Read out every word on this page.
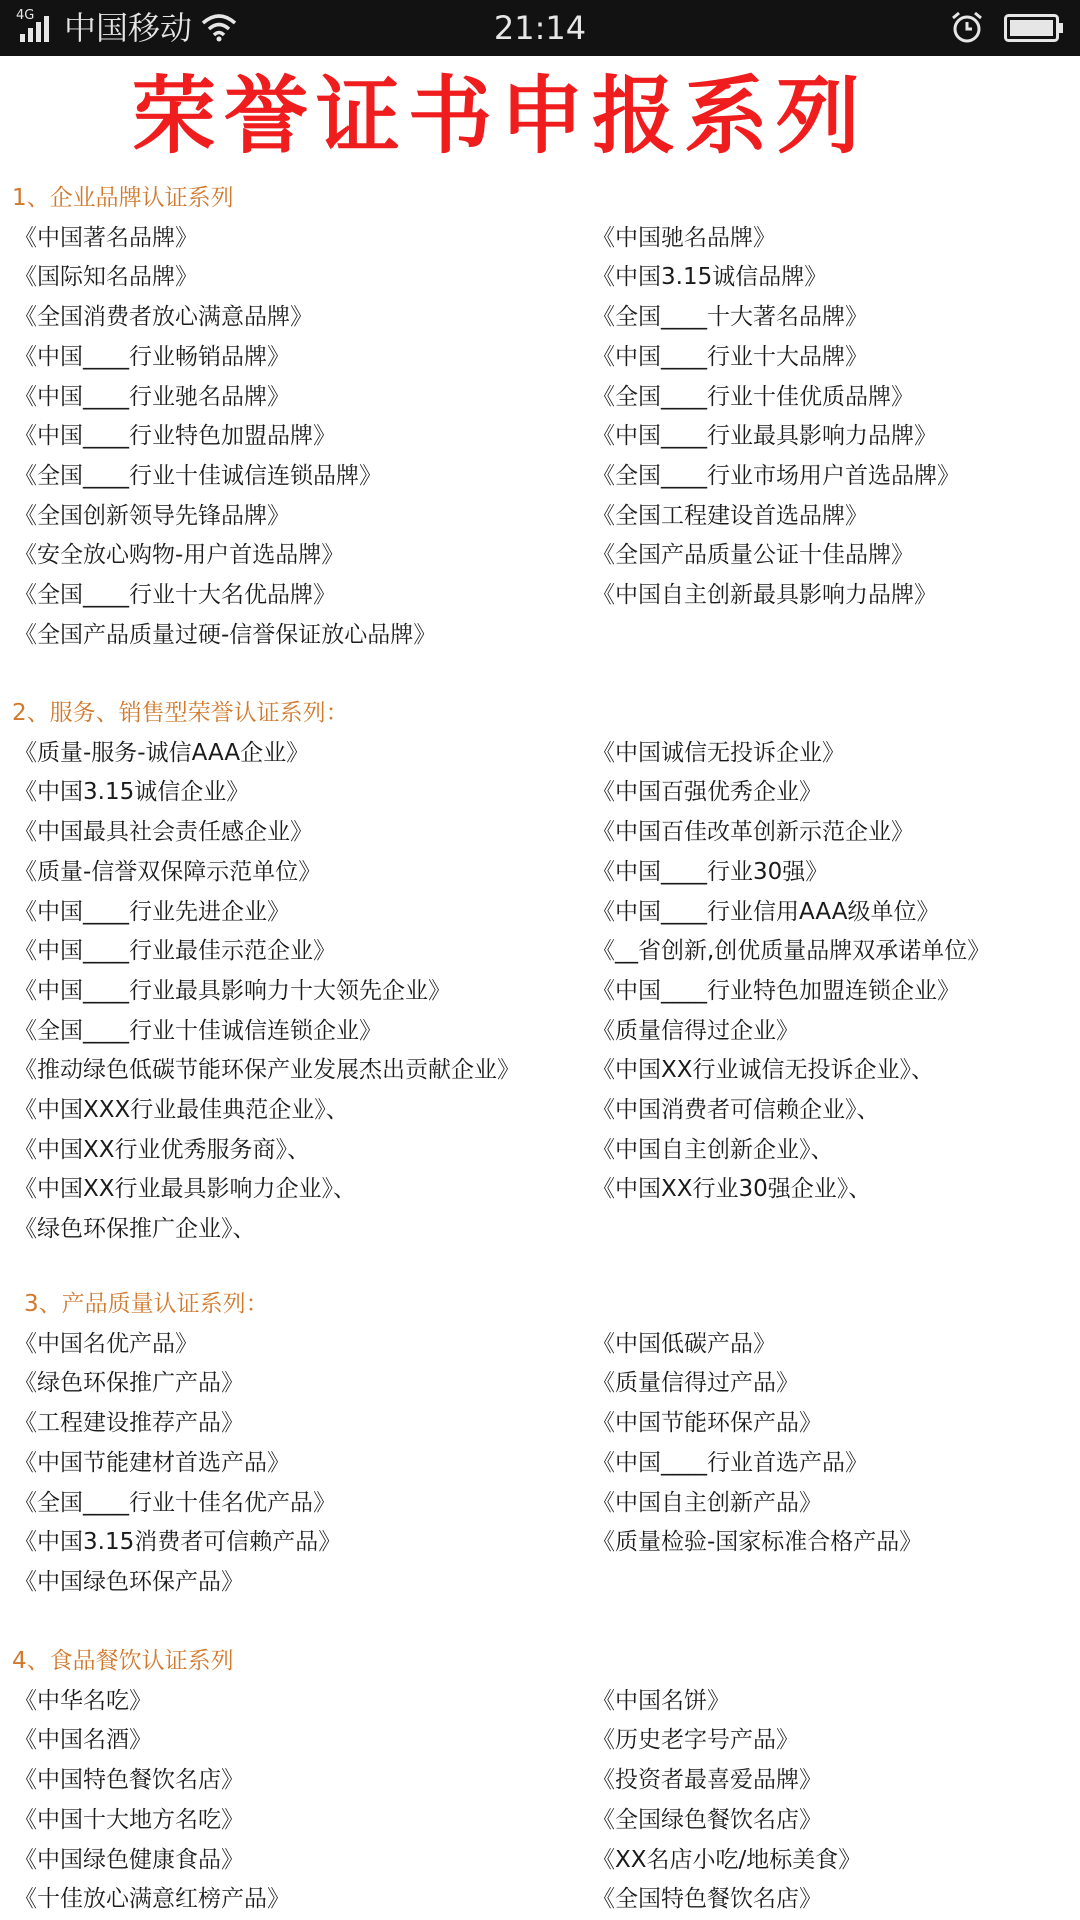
4G 中国移动	21:14
荣誉证书申报系列
1、企业品牌认证系列
《中国著名品牌》
《国际知名品牌》
《全国消费者放心满意品牌》
《中国____行业畅销品牌》
《中国____行业驰名品牌》
《中国____行业特色加盟品牌》
《全国____行业十佳诚信连锁品牌》
《全国创新领导先锋品牌》
《安全放心购物-用户首选品牌》
《全国____行业十大名优品牌》
《全国产品质量过硬-信誉保证放心品牌》
《中国驰名品牌》
《中国3.15诚信品牌》
《全国____十大著名品牌》
《中国____行业十大品牌》
《全国____行业十佳优质品牌》
《中国____行业最具影响力品牌》
《全国____行业市场用户首选品牌》
《全国工程建设首选品牌》
《全国产品质量公证十佳品牌》
《中国自主创新最具影响力品牌》
2、服务、销售型荣誉认证系列：
《质量-服务-诚信AAA企业》
《中国3.15诚信企业》
《中国最具社会责任感企业》
《质量-信誉双保障示范单位》
《中国____行业先进企业》
《中国____行业最佳示范企业》
《中国____行业最具影响力十大领先企业》
《全国____行业十佳诚信连锁企业》
《推动绿色低碳节能环保产业发展杰出贡献企业》
《中国XXX行业最佳典范企业》、
《中国XX行业优秀服务商》、
《中国XX行业最具影响力企业》、
《绿色环保推广企业》、
《中国诚信无投诉企业》
《中国百强优秀企业》
《中国百佳改革创新示范企业》
《中国____行业30强》
《中国____行业信用AAA级单位》
《__省创新,创优质量品牌双承诺单位》
《中国____行业特色加盟连锁企业》
《质量信得过企业》
《中国XX行业诚信无投诉企业》、
《中国消费者可信赖企业》、
《中国自主创新企业》、
《中国XX行业30强企业》、
3、产品质量认证系列：
《中国名优产品》
《绿色环保推广产品》
《工程建设推荐产品》
《中国节能建材首选产品》
《全国____行业十佳名优产品》
《中国3.15消费者可信赖产品》
《中国绿色环保产品》
《中国低碳产品》
《质量信得过产品》
《中国节能环保产品》
《中国____行业首选产品》
《中国自主创新产品》
《质量检验-国家标准合格产品》
4、食品餐饮认证系列
《中华名吃》
《中国名酒》
《中国特色餐饮名店》
《中国十大地方名吃》
《中国绿色健康食品》
《十佳放心满意红榜产品》
《中国名饼》
《历史老字号产品》
《投资者最喜爱品牌》
《全国绿色餐饮名店》
《XX名店小吃/地标美食》
《全国特色餐饮名店》
